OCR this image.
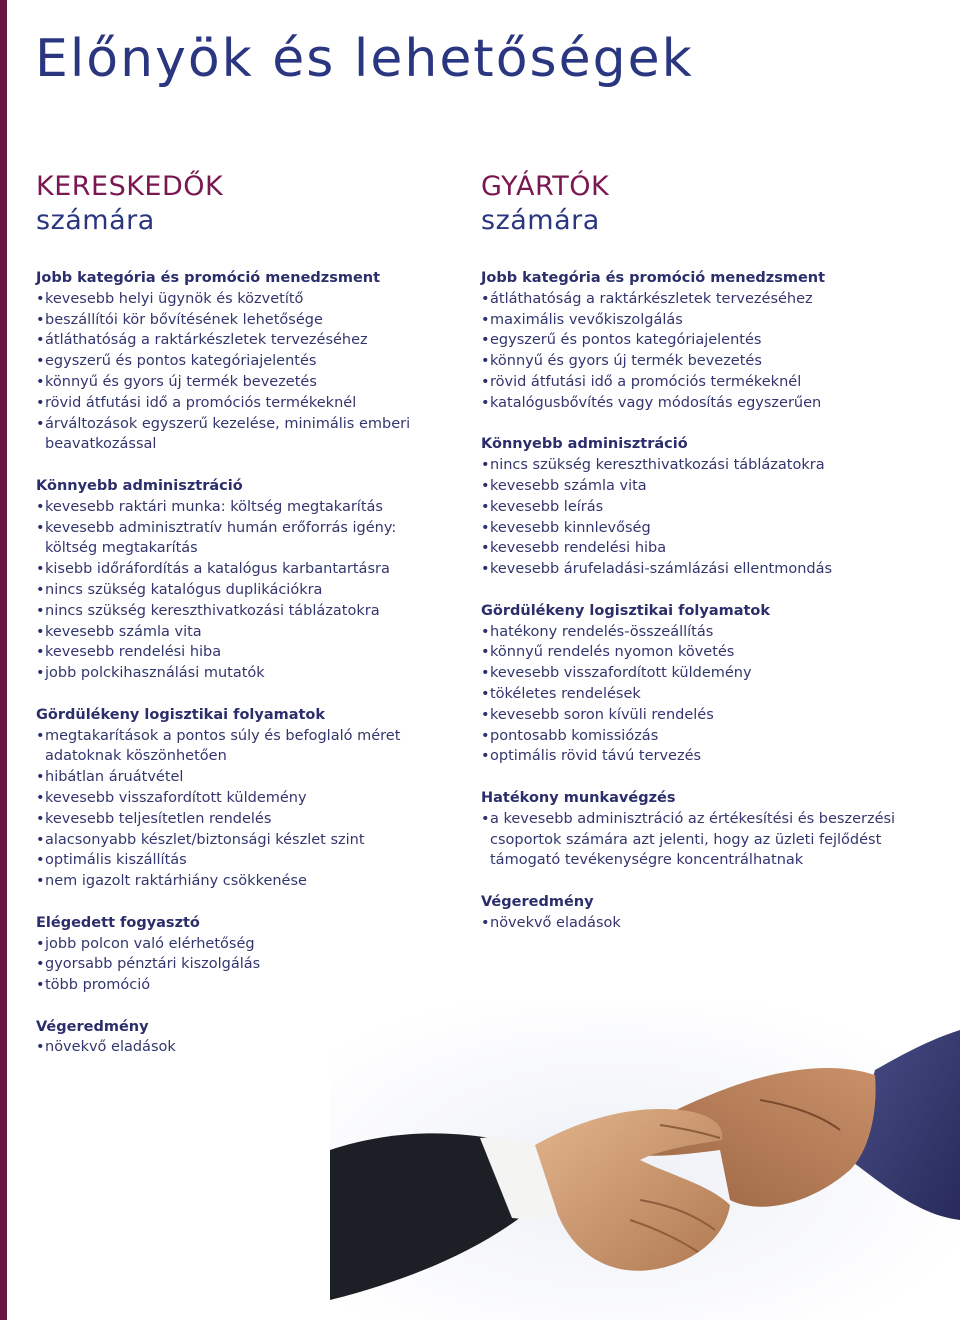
Előnyök és lehetőségek
KERESKEDŐK
számára

Jobb kategória és promóció menedzsment

• kevesebb helyi ügynök és közvetítő
• beszállítói kör bővítésének lehetősége
• átláthatóság a raktárkészletek tervezéséhez
• egyszerű és pontos kategóriajelentés
• könnyű és gyors új termék bevezetés
• rövid átfutási idő a promóciós termékeknél
• árváltozások egyszerű kezelése, minimális emberi beavatkozással

Könnyebb adminisztráció

• kevesebb raktári munka: költség megtakarítás
• kevesebb adminisztratív humán erőforrás igény: költség megtakarítás
• kisebb időráfordítás a katalógus karbantartásra
• nincs szükség katalógus duplikációkra
• nincs szükség kereszthivatkozási táblázatokra
• kevesebb számla vita
• kevesebb rendelési hiba
• jobb polckihasználási mutatók

Gördülékeny logisztikai folyamatok

• megtakarítások a pontos súly és befoglaló méret adatoknak köszönhetően
• hibátlan áruátvétel
• kevesebb visszafordított küldemény
• kevesebb teljesítetlen rendelés
• alacsonyabb készlet/biztonsági készlet szint
• optimális kiszállítás
• nem igazolt raktárhiány csökkenése

Elégedett fogyasztó

• jobb polcon való elérhetőség
• gyorsabb pénztári kiszolgálás
• több promóció

Végeredmény

• növekvő eladások
GYÁRTÓK
számára

Jobb kategória és promóció menedzsment

• átláthatóság a raktárkészletek tervezéséhez
• maximális vevőkiszolgálás
• egyszerű és pontos kategóriajelentés
• könnyű és gyors új termék bevezetés
• rövid átfutási idő a promóciós termékeknél
• katalógusbővítés vagy módosítás egyszerűen

Könnyebb adminisztráció

• nincs szükség kereszthivatkozási táblázatokra
• kevesebb számla vita
• kevesebb leírás
• kevesebb kinnlevőség
• kevesebb rendelési hiba
• kevesebb árufeladási-számlázási ellentmondás

Gördülékeny logisztikai folyamatok

• hatékony rendelés-összeállítás
• könnyű rendelés nyomon követés
• kevesebb visszafordított küldemény
• tökéletes rendelések
• kevesebb soron kívüli rendelés
• pontosabb komissiózás
• optimális rövid távú tervezés

Hatékony munkavégzés

• a kevesebb adminisztráció az értékesítési és beszerzési csoportok számára azt jelenti, hogy az üzleti fejlődést támogató tevékenységre koncentrálhatnak

Végeredmény

• növekvő eladások
